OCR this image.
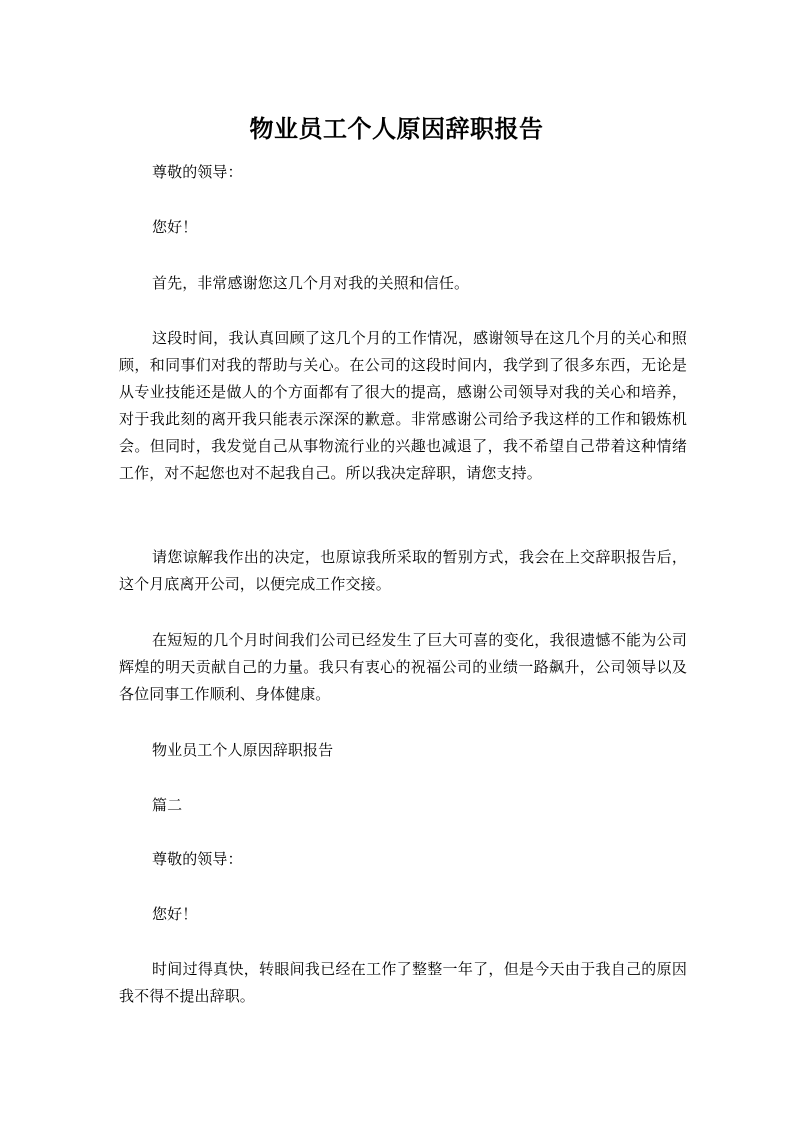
物业员工个人原因辞职报告

尊敬的领导：

您好！

首先，非常感谢您这几个月对我的关照和信任。

这段时间，我认真回顾了这几个月的工作情况，感谢领导在这几个月的关心和照顾，和同事们对我的帮助与关心。在公司的这段时间内，我学到了很多东西，无论是从专业技能还是做人的个方面都有了很大的提高，感谢公司领导对我的关心和培养，对于我此刻的离开我只能表示深深的歉意。非常感谢公司给予我这样的工作和锻炼机会。但同时，我发觉自己从事物流行业的兴趣也减退了，我不希望自己带着这种情绪工作，对不起您也对不起我自己。所以我决定辞职，请您支持。

请您谅解我作出的决定，也原谅我所采取的暂别方式，我会在上交辞职报告后，这个月底离开公司，以便完成工作交接。

在短短的几个月时间我们公司已经发生了巨大可喜的变化，我很遗憾不能为公司辉煌的明天贡献自己的力量。我只有衷心的祝福公司的业绩一路飙升，公司领导以及各位同事工作顺利、身体健康。

物业员工个人原因辞职报告

篇二

尊敬的领导：

您好！

时间过得真快，转眼间我已经在工作了整整一年了，但是今天由于我自己的原因我不得不提出辞职。
